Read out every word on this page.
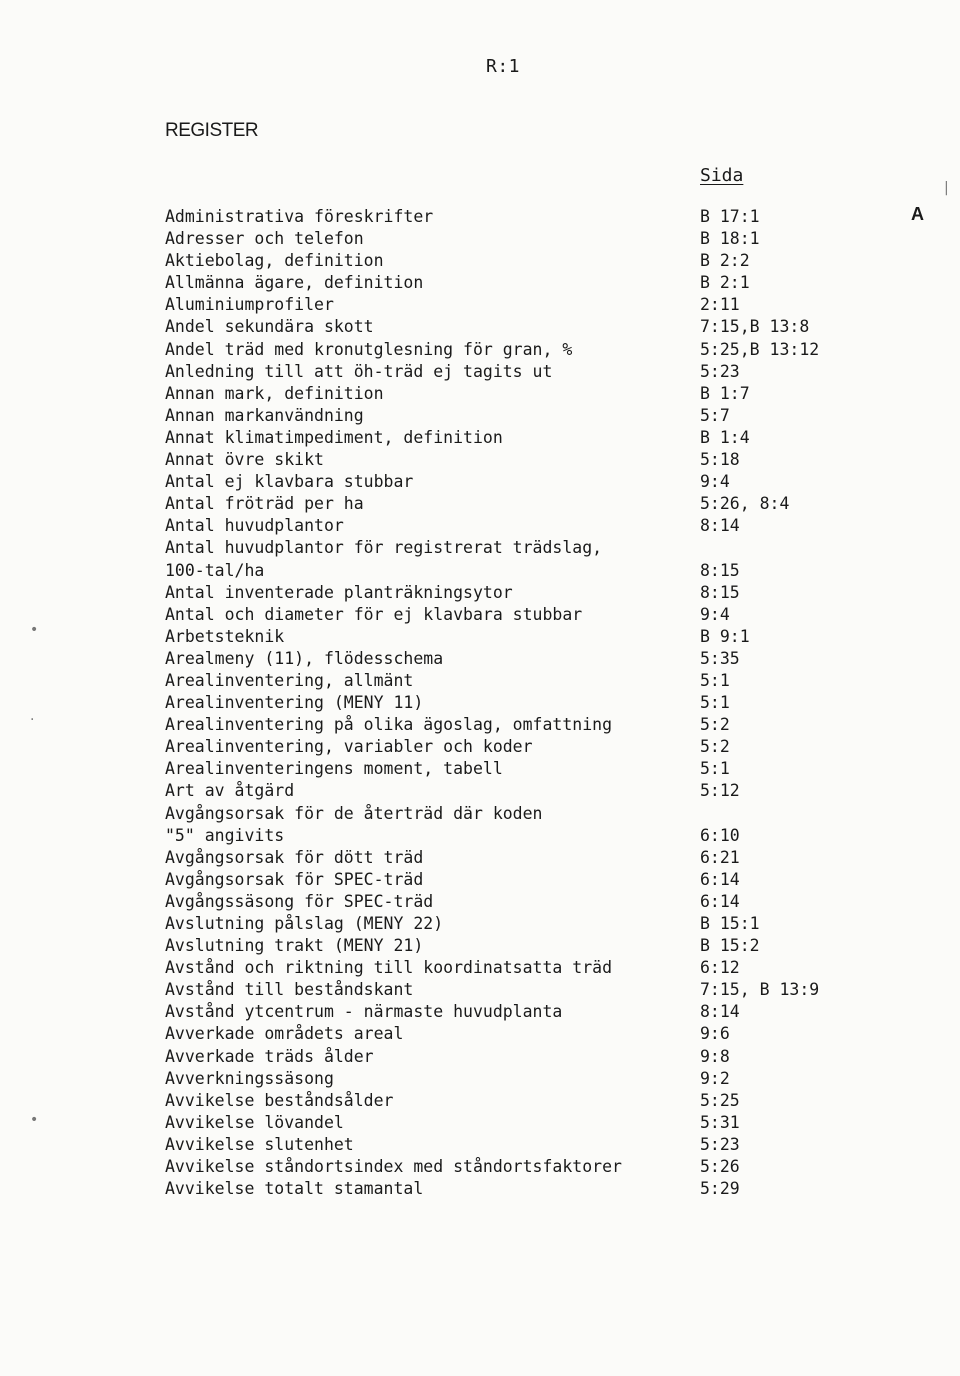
R:1
REGISTER
Sida
A
Administrativa föreskrifter	B 17:1
Adresser och telefon	B 18:1
Aktiebolag, definition	B 2:2
Allmänna ägare, definition	B 2:1
Aluminiumprofiler	2:11
Andel sekundära skott	7:15,B 13:8
Andel träd med kronutglesning för gran, %	5:25,B 13:12
Anledning till att öh-träd ej tagits ut	5:23
Annan mark, definition	B 1:7
Annan markanvändning	5:7
Annat klimatimpediment, definition	B 1:4
Annat övre skikt	5:18
Antal ej klavbara stubbar	9:4
Antal fröträd per ha	5:26, 8:4
Antal huvudplantor	8:14
Antal huvudplantor för registrerat trädslag,
100-tal/ha	8:15
Antal inventerade planträkningsytor	8:15
Antal och diameter för ej klavbara stubbar	9:4
Arbetsteknik	B 9:1
Arealmeny (11), flödesschema	5:35
Arealinventering, allmänt	5:1
Arealinventering (MENY 11)	5:1
Arealinventering på olika ägoslag, omfattning	5:2
Arealinventering, variabler och koder	5:2
Arealinventeringens moment, tabell	5:1
Art av åtgärd	5:12
Avgångsorsak för de återträd där koden
"5" angivits	6:10
Avgångsorsak för dött träd	6:21
Avgångsorsak för SPEC-träd	6:14
Avgångssäsong för SPEC-träd	6:14
Avslutning pålslag (MENY 22)	B 15:1
Avslutning trakt (MENY 21)	B 15:2
Avstånd och riktning till koordinatsatta träd	6:12
Avstånd till beståndskant	7:15, B 13:9
Avstånd ytcentrum - närmaste huvudplanta	8:14
Avverkade områdets areal	9:6
Avverkade träds ålder	9:8
Avverkningssäsong	9:2
Avvikelse beståndsålder	5:25
Avvikelse lövandel	5:31
Avvikelse slutenhet	5:23
Avvikelse ståndortsindex med ståndortsfaktorer	5:26
Avvikelse totalt stamantal	5:29
•
·
•
|
